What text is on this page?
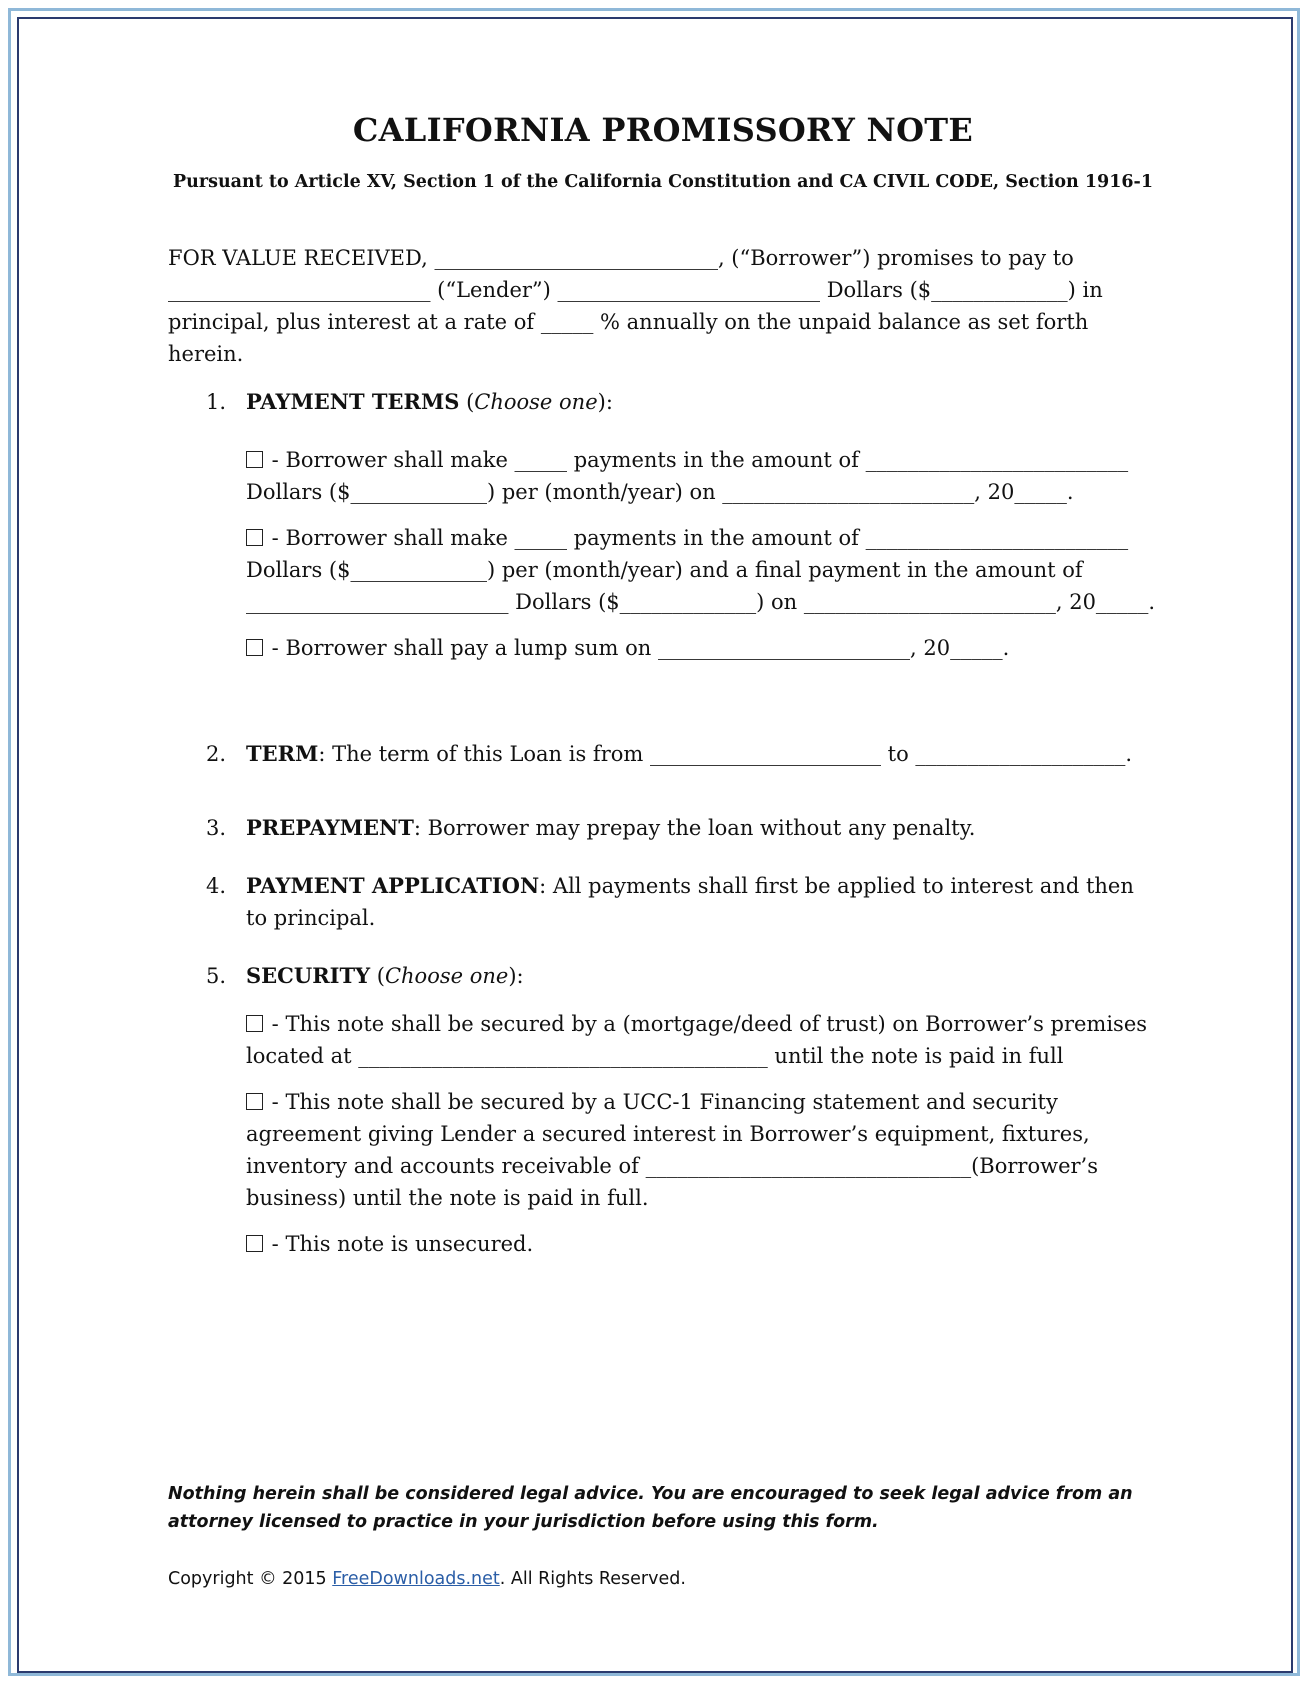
CALIFORNIA PROMISSORY NOTE
Pursuant to Article XV, Section 1 of the California Constitution and CA CIVIL CODE, Section 1916-1
FOR VALUE RECEIVED, ___________________________, (“Borrower”) promises to pay to _________________________ (“Lender”) _________________________ Dollars ($_____________) in principal, plus interest at a rate of _____ % annually on the unpaid balance as set forth herein.
1. PAYMENT TERMS (Choose one):
- Borrower shall make _____ payments in the amount of _________________________ Dollars ($_____________) per (month/year) on ________________________, 20_____.
- Borrower shall make _____ payments in the amount of _________________________ Dollars ($_____________) per (month/year) and a final payment in the amount of _________________________ Dollars ($_____________) on ________________________, 20_____.
- Borrower shall pay a lump sum on ________________________, 20_____.
2. TERM: The term of this Loan is from ______________________ to ____________________.
3. PREPAYMENT: Borrower may prepay the loan without any penalty.
4. PAYMENT APPLICATION: All payments shall first be applied to interest and then to principal.
5. SECURITY (Choose one):
- This note shall be secured by a (mortgage/deed of trust) on Borrower’s premises located at _______________________________________ until the note is paid in full
- This note shall be secured by a UCC-1 Financing statement and security agreement giving Lender a secured interest in Borrower’s equipment, fixtures, inventory and accounts receivable of _______________________________(Borrower’s business) until the note is paid in full.
- This note is unsecured.
Nothing herein shall be considered legal advice. You are encouraged to seek legal advice from an attorney licensed to practice in your jurisdiction before using this form.
Copyright © 2015 FreeDownloads.net. All Rights Reserved.
